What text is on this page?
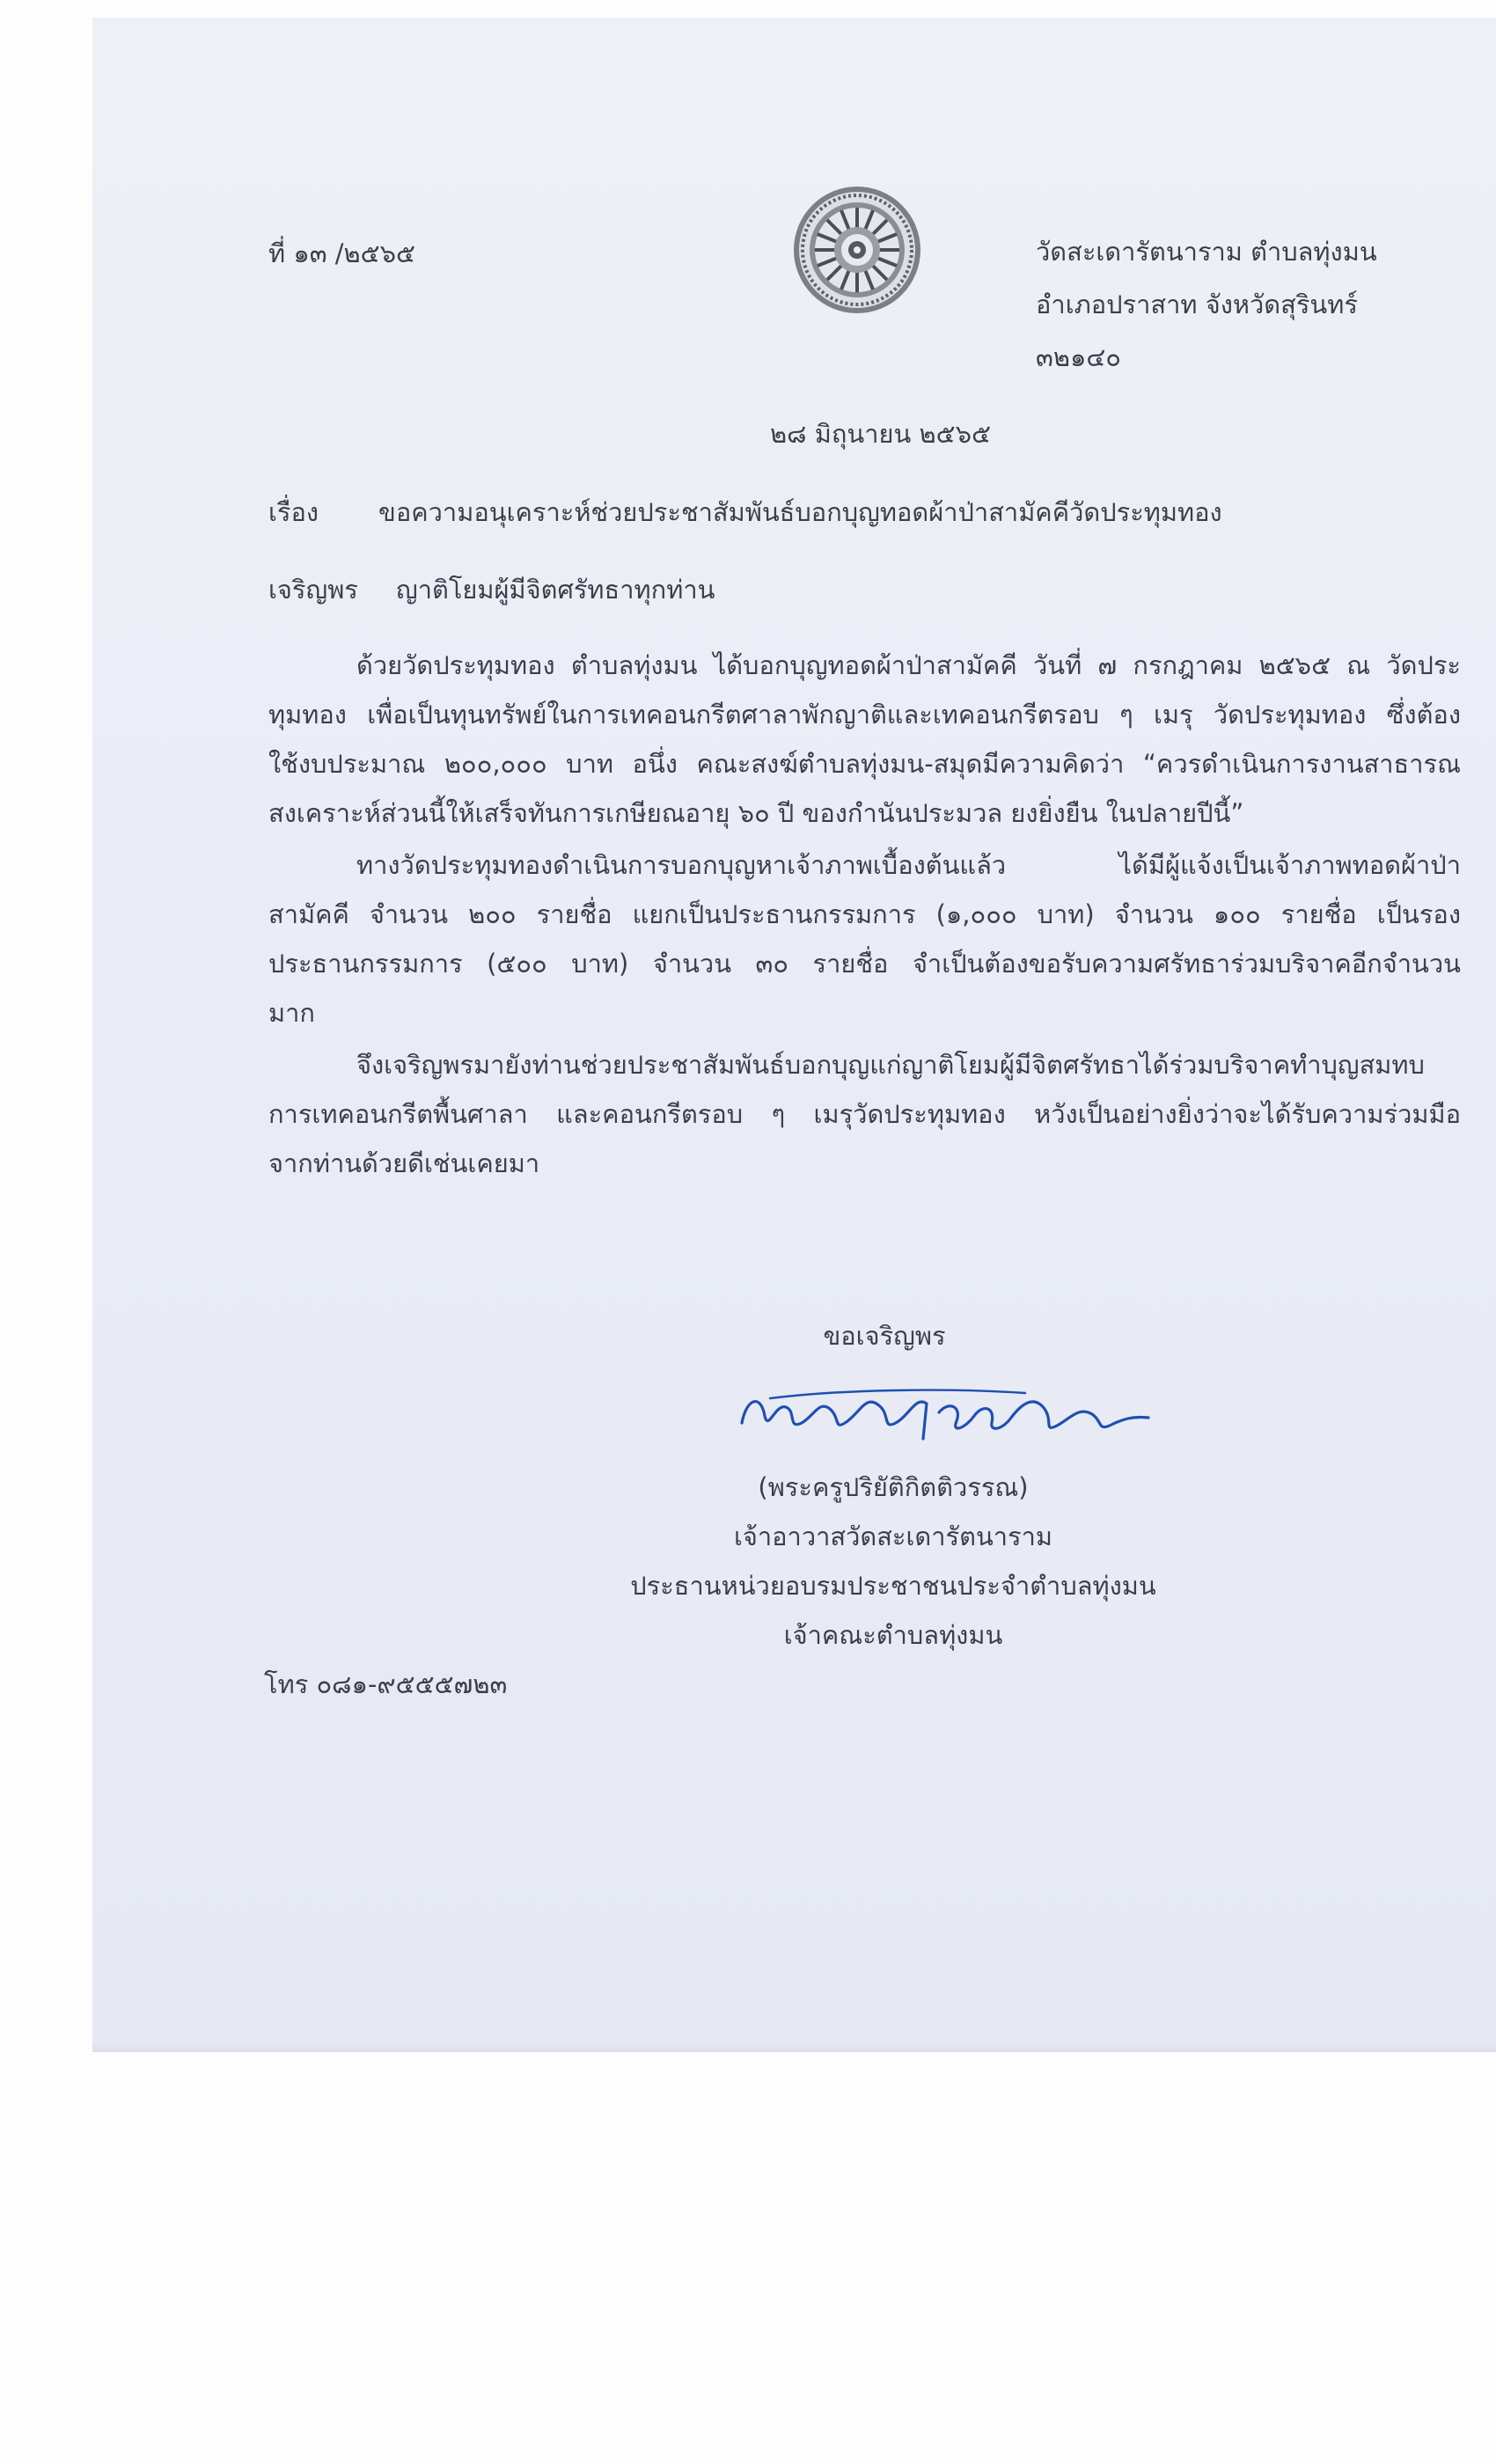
ที่ ๑๓ /๒๕๖๕	วัดสะเดารัตนาราม ตำบลทุ่งมน
อำเภอปราสาท จังหวัดสุรินทร์
๓๒๑๔๐
๒๘ มิถุนายน ๒๕๖๕
เรื่อง ขอความอนุเคราะห์ช่วยประชาสัมพันธ์บอกบุญทอดผ้าป่าสามัคคีวัดประทุมทอง
เจริญพร ญาติโยมผู้มีจิตศรัทธาทุกท่าน
ด้วยวัดประทุมทอง ตำบลทุ่งมน ได้บอกบุญทอดผ้าป่าสามัคคี วันที่ ๗ กรกฎาคม ๒๕๖๕ ณ วัดประ
ทุมทอง เพื่อเป็นทุนทรัพย์ในการเทคอนกรีตศาลาพักญาติและเทคอนกรีตรอบ ๆ เมรุ วัดประทุมทอง ซึ่งต้อง
ใช้งบประมาณ ๒๐๐,๐๐๐ บาท อนึ่ง คณะสงฆ์ตำบลทุ่งมน-สมุดมีความคิดว่า “ควรดำเนินการงานสาธารณ
สงเคราะห์ส่วนนี้ให้เสร็จทันการเกษียณอายุ ๖๐ ปี ของกำนันประมวล ยงยิ่งยืน ในปลายปีนี้”
ทางวัดประทุมทองดำเนินการบอกบุญหาเจ้าภาพเบื้องต้นแล้ว ได้มีผู้แจ้งเป็นเจ้าภาพทอดผ้าป่า
สามัคคี จำนวน ๒๐๐ รายชื่อ แยกเป็นประธานกรรมการ (๑,๐๐๐ บาท) จำนวน ๑๐๐ รายชื่อ เป็นรอง
ประธานกรรมการ (๕๐๐ บาท) จำนวน ๓๐ รายชื่อ จำเป็นต้องขอรับความศรัทธาร่วมบริจาคอีกจำนวน
มาก
จึงเจริญพรมายังท่านช่วยประชาสัมพันธ์บอกบุญแก่ญาติโยมผู้มีจิตศรัทธาได้ร่วมบริจาคทำบุญสมทบ
การเทคอนกรีตพื้นศาลา และคอนกรีตรอบ ๆ เมรุวัดประทุมทอง หวังเป็นอย่างยิ่งว่าจะได้รับความร่วมมือ
จากท่านด้วยดีเช่นเคยมา
ขอเจริญพร
(พระครูปริยัติกิตติวรรณ)
เจ้าอาวาสวัดสะเดารัตนาราม
ประธานหน่วยอบรมประชาชนประจำตำบลทุ่งมน
เจ้าคณะตำบลทุ่งมน
โทร ๐๘๑-๙๕๕๕๗๒๓
